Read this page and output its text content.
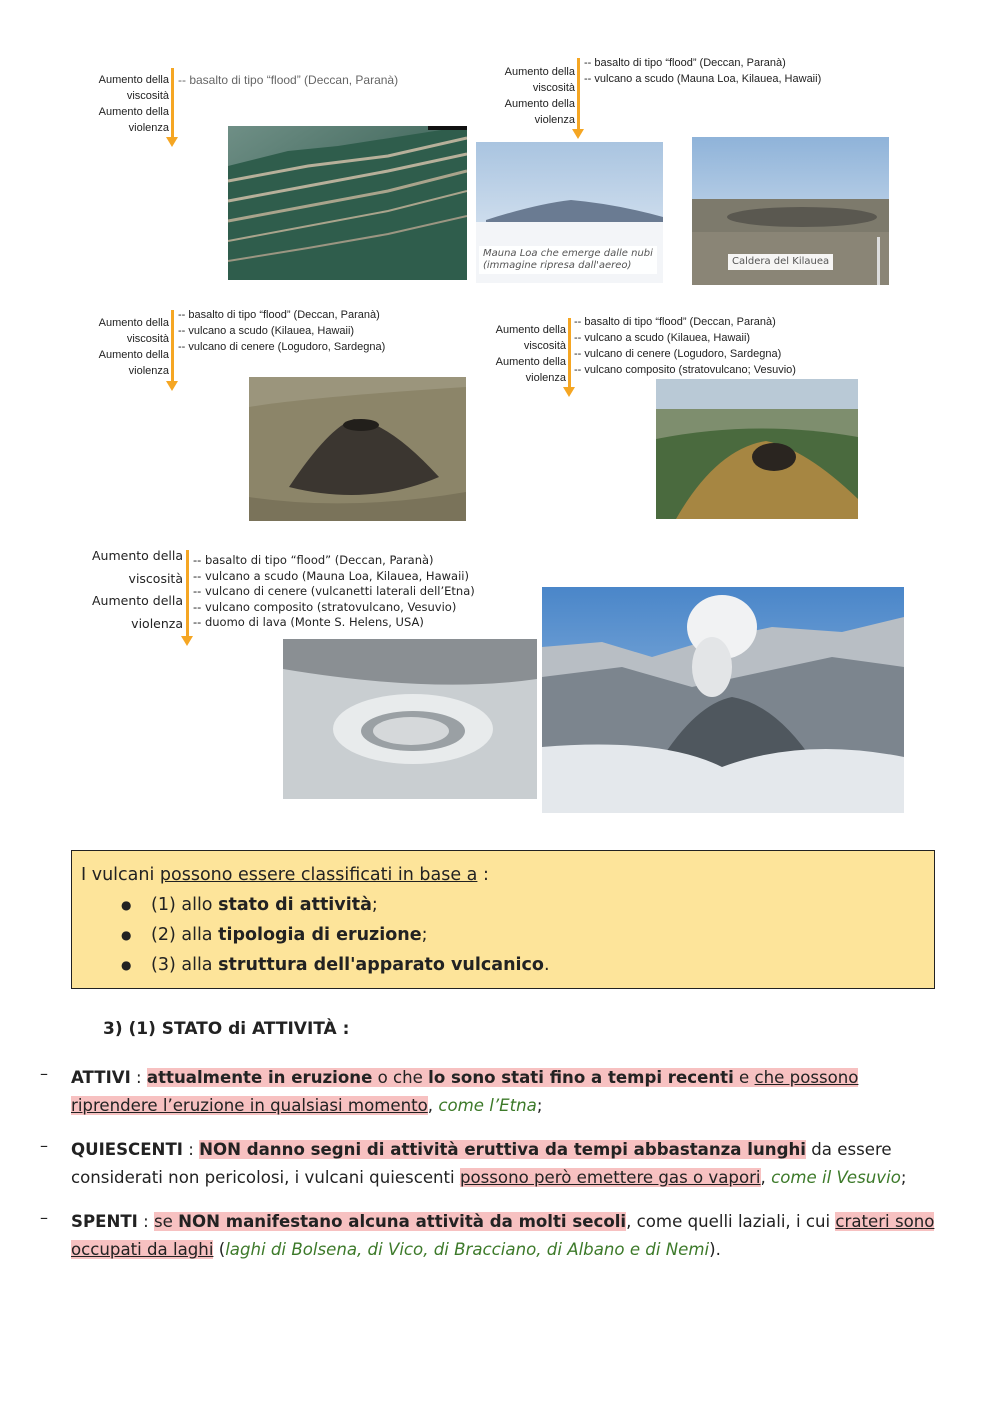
Aumento della
viscosità
Aumento della
violenza
-- basalto di tipo “flood” (Deccan, Paranà)
Aumento della
viscosità
Aumento della
violenza
-- basalto di tipo “flood” (Deccan, Paranà)
-- vulcano a scudo (Mauna Loa, Kilauea, Hawaii)
Mauna Loa che emerge dalle nubi
(immagine ripresa dall'aereo)	Caldera del Kilauea
Aumento della
viscosità
Aumento della
violenza
-- basalto di tipo “flood” (Deccan, Paranà)
-- vulcano a scudo (Kilauea, Hawaii)
-- vulcano di cenere (Logudoro, Sardegna)
Aumento della
viscosità
Aumento della
violenza
-- basalto di tipo “flood” (Deccan, Paranà)
-- vulcano a scudo (Kilauea, Hawaii)
-- vulcano di cenere (Logudoro, Sardegna)
-- vulcano composito (stratovulcano; Vesuvio)
Aumento della
viscosità
Aumento della
violenza
-- basalto di tipo “flood” (Deccan, Paranà)
-- vulcano a scudo (Mauna Loa, Kilauea, Hawaii)
-- vulcano di cenere (vulcanetti laterali dell’Etna)
-- vulcano composito (stratovulcano, Vesuvio)
-- duomo di lava (Monte S. Helens, USA)
I vulcani possono essere classificati in base a :
● (1) allo stato di attività;
● (2) alla tipologia di eruzione;
● (3) alla struttura dell'apparato vulcanico.
3) (1) STATO di ATTIVITÀ :
– ATTIVI : attualmente in eruzione o che lo sono stati fino a tempi recenti e che possono riprendere l’eruzione in qualsiasi momento, come l’Etna;
– QUIESCENTI : NON danno segni di attività eruttiva da tempi abbastanza lunghi da essere considerati non pericolosi, i vulcani quiescenti possono però emettere gas o vapori, come il Vesuvio;
– SPENTI : se NON manifestano alcuna attività da molti secoli, come quelli laziali, i cui crateri sono occupati da laghi (laghi di Bolsena, di Vico, di Bracciano, di Albano e di Nemi).
